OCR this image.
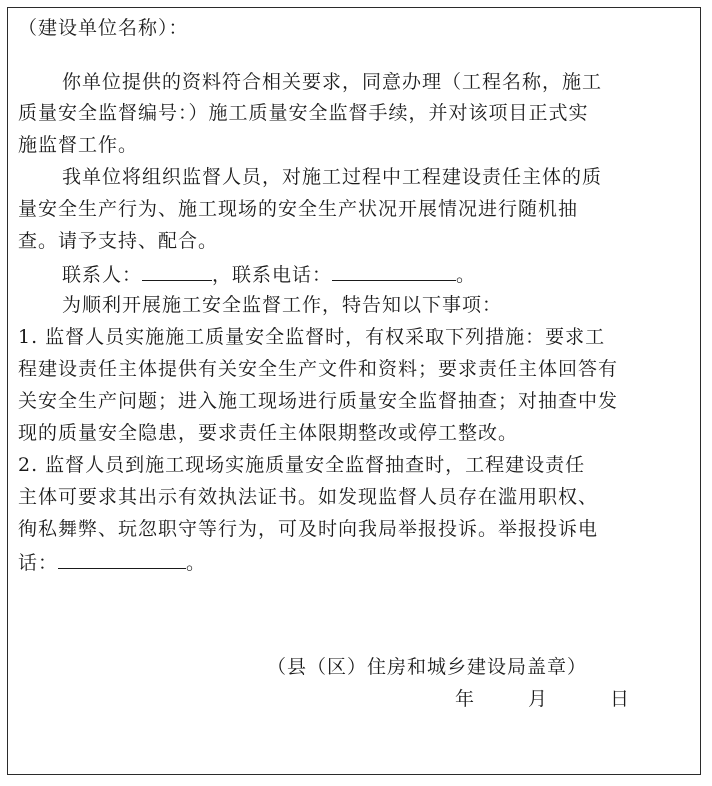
（建设单位名称）：
你单位提供的资料符合相关要求，同意办理（工程名称，施工
质量安全监督编号：）施工质量安全监督手续，并对该项目正式实
施监督工作。
我单位将组织监督人员，对施工过程中工程建设责任主体的质
量安全生产行为、施工现场的安全生产状况开展情况进行随机抽
查。请予支持、配合。
联系人：	，联系电话：	。
为顺利开展施工安全监督工作，特告知以下事项：
1. 监督人员实施施工质量安全监督时，有权采取下列措施：要求工
程建设责任主体提供有关安全生产文件和资料；要求责任主体回答有
关安全生产问题；进入施工现场进行质量安全监督抽查；对抽查中发
现的质量安全隐患，要求责任主体限期整改或停工整改。
2. 监督人员到施工现场实施质量安全监督抽查时，工程建设责任
主体可要求其出示有效执法证书。如发现监督人员存在滥用职权、
徇私舞弊、玩忽职守等行为，可及时向我局举报投诉。举报投诉电
话：	。
（县（区）住房和城乡建设局盖章）
年	月	日
